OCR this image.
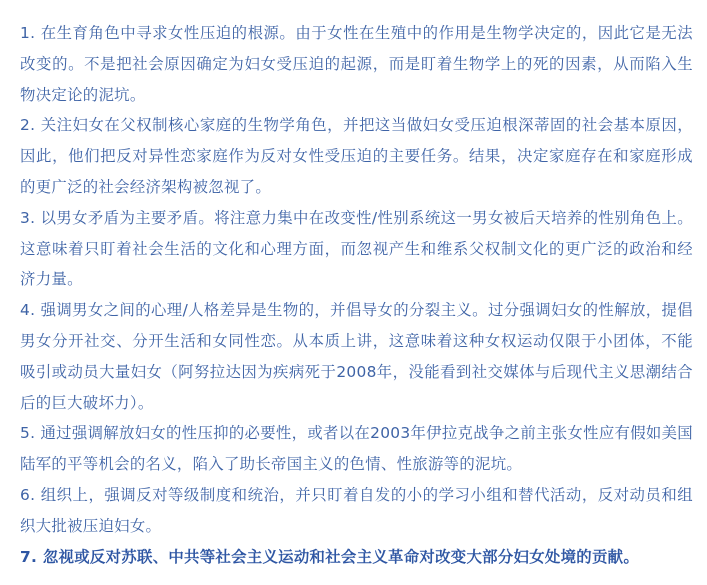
1. 在生育角色中寻求女性压迫的根源。由于女性在生殖中的作用是生物学决定的，因此它是无法改变的。不是把社会原因确定为妇女受压迫的起源，而是盯着生物学上的死的因素，从而陷入生物决定论的泥坑。

2. 关注妇女在父权制核心家庭的生物学角色，并把这当做妇女受压迫根深蒂固的社会基本原因，因此，他们把反对异性恋家庭作为反对女性受压迫的主要任务。结果，决定家庭存在和家庭形成的更广泛的社会经济架构被忽视了。

3. 以男女矛盾为主要矛盾。将注意力集中在改变性/性别系统这一男女被后天培养的性别角色上。这意味着只盯着社会生活的文化和心理方面，而忽视产生和维系父权制文化的更广泛的政治和经济力量。

4. 强调男女之间的心理/人格差异是生物的，并倡导女的分裂主义。过分强调妇女的性解放，提倡男女分开社交、分开生活和女同性恋。从本质上讲，这意味着这种女权运动仅限于小团体，不能吸引或动员大量妇女（阿努拉达因为疾病死于2008年，没能看到社交媒体与后现代主义思潮结合后的巨大破坏力）。

5. 通过强调解放妇女的性压抑的必要性，或者以在2003年伊拉克战争之前主张女性应有假如美国陆军的平等机会的名义，陷入了助长帝国主义的色情、性旅游等的泥坑。

6. 组织上，强调反对等级制度和统治，并只盯着自发的小的学习小组和替代活动，反对动员和组织大批被压迫妇女。

7. 忽视或反对苏联、中共等社会主义运动和社会主义革命对改变大部分妇女处境的贡献。
